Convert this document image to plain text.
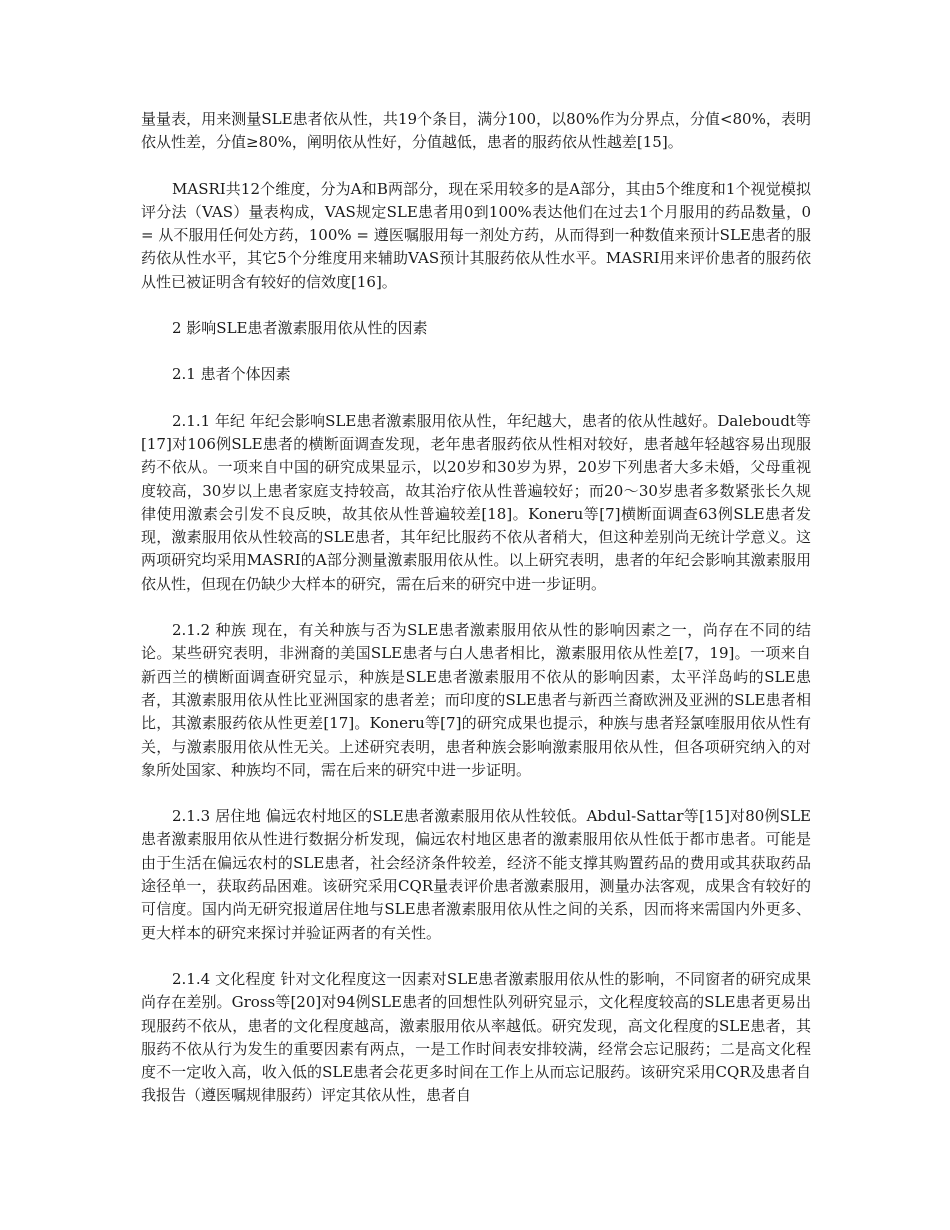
量量表，用来测量SLE患者依从性，共19个条目，满分100，以80%作为分界点，分值<80%，表明依从性差，分值≥80%，阐明依从性好，分值越低，患者的服药依从性越差[15]。

MASRI共12个维度，分为A和B两部分，现在采用较多的是A部分，其由5个维度和1个视觉模拟评分法（VAS）量表构成，VAS规定SLE患者用0到100%表达他们在过去1个月服用的药品数量，0 = 从不服用任何处方药，100% = 遵医嘱服用每一剂处方药，从而得到一种数值来预计SLE患者的服药依从性水平，其它5个分维度用来辅助VAS预计其服药依从性水平。MASRI用来评价患者的服药依从性已被证明含有较好的信效度[16]。

2 影响SLE患者激素服用依从性的因素

2.1 患者个体因素

2.1.1 年纪 年纪会影响SLE患者激素服用依从性，年纪越大，患者的依从性越好。Daleboudt等[17]对106例SLE患者的横断面调查发现，老年患者服药依从性相对较好，患者越年轻越容易出现服药不依从。一项来自中国的研究成果显示，以20岁和30岁为界，20岁下列患者大多未婚，父母重视度较高，30岁以上患者家庭支持较高，故其治疗依从性普遍较好；而20～30岁患者多数紧张长久规律使用激素会引发不良反映，故其依从性普遍较差[18]。Koneru等[7]横断面调查63例SLE患者发现，激素服用依从性较高的SLE患者，其年纪比服药不依从者稍大，但这种差别尚无统计学意义。这两项研究均采用MASRI的A部分测量激素服用依从性。以上研究表明，患者的年纪会影响其激素服用依从性，但现在仍缺少大样本的研究，需在后来的研究中进一步证明。

2.1.2 种族 现在，有关种族与否为SLE患者激素服用依从性的影响因素之一，尚存在不同的结论。某些研究表明，非洲裔的美国SLE患者与白人患者相比，激素服用依从性差[7，19]。一项来自新西兰的横断面调查研究显示，种族是SLE患者激素服用不依从的影响因素，太平洋岛屿的SLE患者，其激素服用依从性比亚洲国家的患者差；而印度的SLE患者与新西兰裔欧洲及亚洲的SLE患者相比，其激素服药依从性更差[17]。Koneru等[7]的研究成果也提示，种族与患者羟氯喹服用依从性有关，与激素服用依从性无关。上述研究表明，患者种族会影响激素服用依从性，但各项研究纳入的对象所处国家、种族均不同，需在后来的研究中进一步证明。

2.1.3 居住地 偏远农村地区的SLE患者激素服用依从性较低。Abdul-Sattar等[15]对80例SLE患者激素服用依从性进行数据分析发现，偏远农村地区患者的激素服用依从性低于都市患者。可能是由于生活在偏远农村的SLE患者，社会经济条件较差，经济不能支撑其购置药品的费用或其获取药品途径单一，获取药品困难。该研究采用CQR量表评价患者激素服用，测量办法客观，成果含有较好的可信度。国内尚无研究报道居住地与SLE患者激素服用依从性之间的关系，因而将来需国内外更多、更大样本的研究来探讨并验证两者的有关性。

2.1.4 文化程度 针对文化程度这一因素对SLE患者激素服用依从性的影响，不同窗者的研究成果尚存在差别。Gross等[20]对94例SLE患者的回想性队列研究显示，文化程度较高的SLE患者更易出现服药不依从，患者的文化程度越高，激素服用依从率越低。研究发现，高文化程度的SLE患者，其服药不依从行为发生的重要因素有两点，一是工作时间表安排较满，经常会忘记服药；二是高文化程度不一定收入高，收入低的SLE患者会花更多时间在工作上从而忘记服药。该研究采用CQR及患者自我报告（遵医嘱规律服药）评定其依从性，患者自
